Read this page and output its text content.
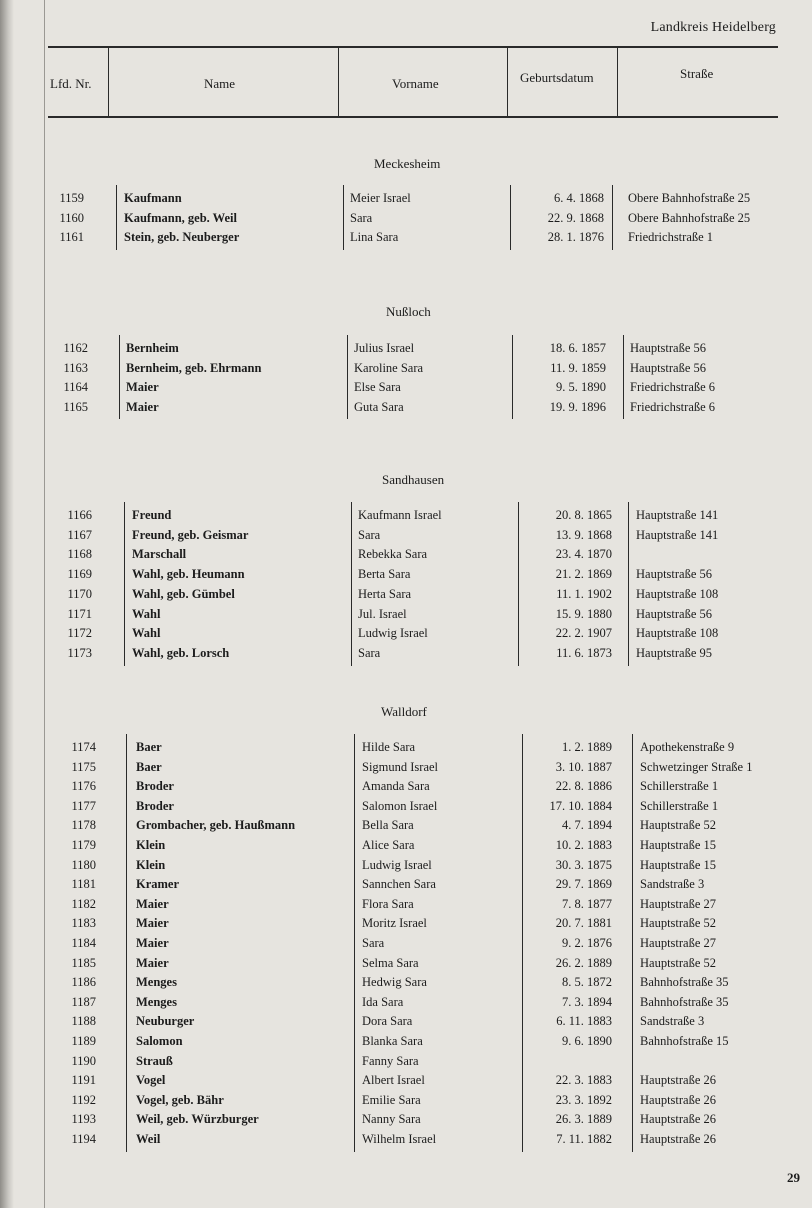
Landkreis Heidelberg
Lfd. Nr.	Name	Vorname	Geburtsdatum	Straße
Meckesheim
1159	Kaufmann	Meier Israel	6. 4. 1868 Obere Bahnhofstraße 25
1160	Kaufmann, geb. Weil	Sara	22. 9. 1868 Obere Bahnhofstraße 25
1161	Stein, geb. Neuberger	Lina Sara	28. 1. 1876 Friedrichstraße 1
Nußloch
1162	Bernheim	Julius Israel	18. 6. 1857 Hauptstraße 56
1163	Bernheim, geb. Ehrmann	Karoline Sara	11. 9. 1859 Hauptstraße 56
1164	Maier	Else Sara	9. 5. 1890 Friedrichstraße 6
1165	Maier	Guta Sara	19. 9. 1896 Friedrichstraße 6
Sandhausen
1166	Freund	Kaufmann Israel	20. 8. 1865 Hauptstraße 141
1167	Freund, geb. Geismar	Sara	13. 9. 1868 Hauptstraße 141
1168	Marschall	Rebekka Sara	23. 4. 1870
1169	Wahl, geb. Heumann	Berta Sara	21. 2. 1869 Hauptstraße 56
1170	Wahl, geb. Gümbel	Herta Sara	11. 1. 1902 Hauptstraße 108
1171	Wahl	Jul. Israel	15. 9. 1880 Hauptstraße 56
1172	Wahl	Ludwig Israel	22. 2. 1907 Hauptstraße 108
1173	Wahl, geb. Lorsch	Sara	11. 6. 1873 Hauptstraße 95
Walldorf
1174	Baer	Hilde Sara	1. 2. 1889 Apothekenstraße 9
1175	Baer	Sigmund Israel	3. 10. 1887 Schwetzinger Straße 1
1176	Broder	Amanda Sara	22. 8. 1886 Schillerstraße 1
1177	Broder	Salomon Israel	17. 10. 1884 Schillerstraße 1
1178	Grombacher, geb. Haußmann	Bella Sara	4. 7. 1894 Hauptstraße 52
1179	Klein	Alice Sara	10. 2. 1883 Hauptstraße 15
1180	Klein	Ludwig Israel	30. 3. 1875 Hauptstraße 15
1181	Kramer	Sannchen Sara	29. 7. 1869 Sandstraße 3
1182	Maier	Flora Sara	7. 8. 1877 Hauptstraße 27
1183	Maier	Moritz Israel	20. 7. 1881 Hauptstraße 52
1184	Maier	Sara	9. 2. 1876 Hauptstraße 27
1185	Maier	Selma Sara	26. 2. 1889 Hauptstraße 52
1186	Menges	Hedwig Sara	8. 5. 1872 Bahnhofstraße 35
1187	Menges	Ida Sara	7. 3. 1894 Bahnhofstraße 35
1188	Neuburger	Dora Sara	6. 11. 1883 Sandstraße 3
1189	Salomon	Blanka Sara	9. 6. 1890 Bahnhofstraße 15
1190	Strauß	Fanny Sara
1191	Vogel	Albert Israel	22. 3. 1883 Hauptstraße 26
1192	Vogel, geb. Bähr	Emilie Sara	23. 3. 1892 Hauptstraße 26
1193	Weil, geb. Würzburger	Nanny Sara	26. 3. 1889 Hauptstraße 26
1194	Weil	Wilhelm Israel	7. 11. 1882 Hauptstraße 26
29
